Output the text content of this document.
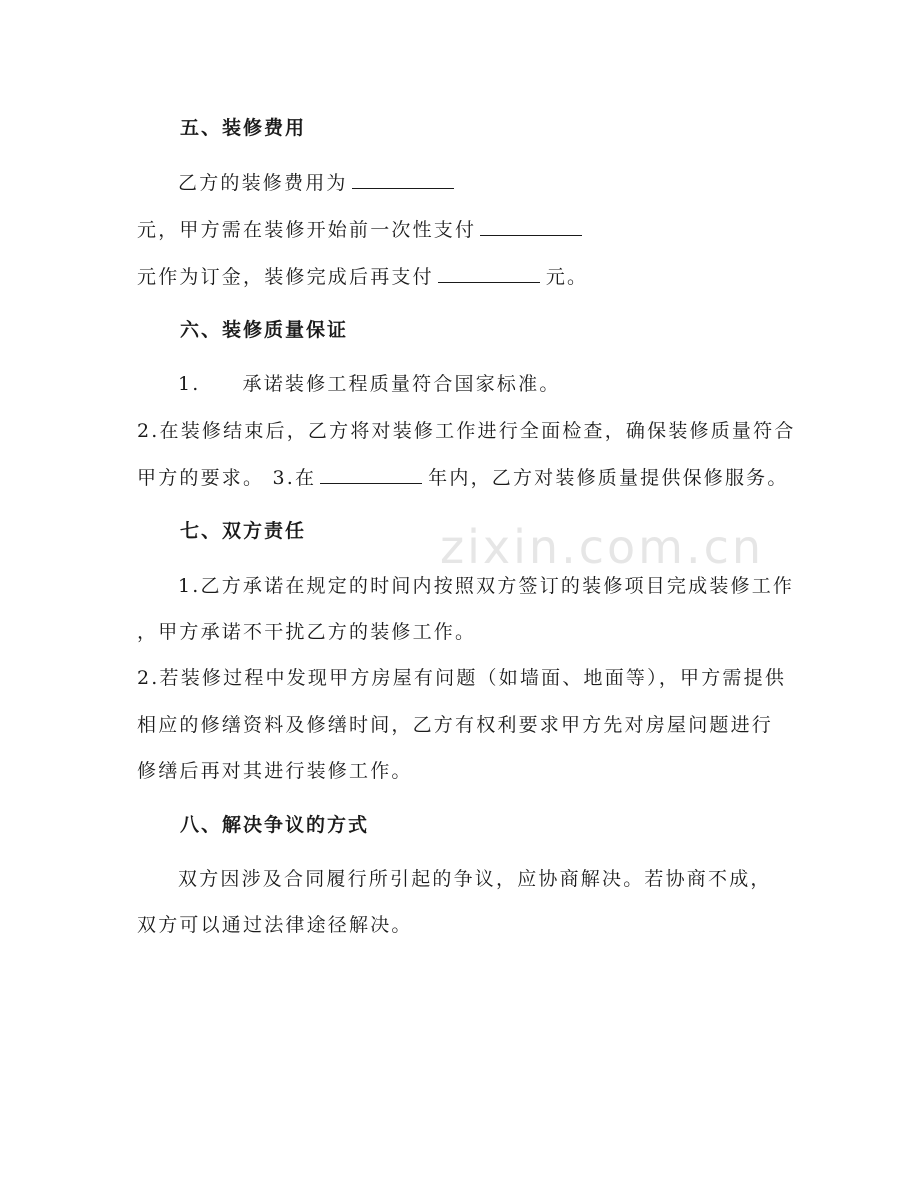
zixin.com.cn
五、装修费用
乙方的装修费用为
元，甲方需在装修开始前一次性支付
元作为订金，装修完成后再支付	元。
六、装修质量保证
1. 承诺装修工程质量符合国家标准。
2.在装修结束后，乙方将对装修工作进行全面检查，确保装修质量符合
甲方的要求。 3.在	年内，乙方对装修质量提供保修服务。
七、双方责任
1.乙方承诺在规定的时间内按照双方签订的装修项目完成装修工作
，甲方承诺不干扰乙方的装修工作。
2.若装修过程中发现甲方房屋有问题（如墙面、地面等），甲方需提供
相应的修缮资料及修缮时间，乙方有权利要求甲方先对房屋问题进行
修缮后再对其进行装修工作。
八、解决争议的方式
双方因涉及合同履行所引起的争议，应协商解决。若协商不成，
双方可以通过法律途径解决。
